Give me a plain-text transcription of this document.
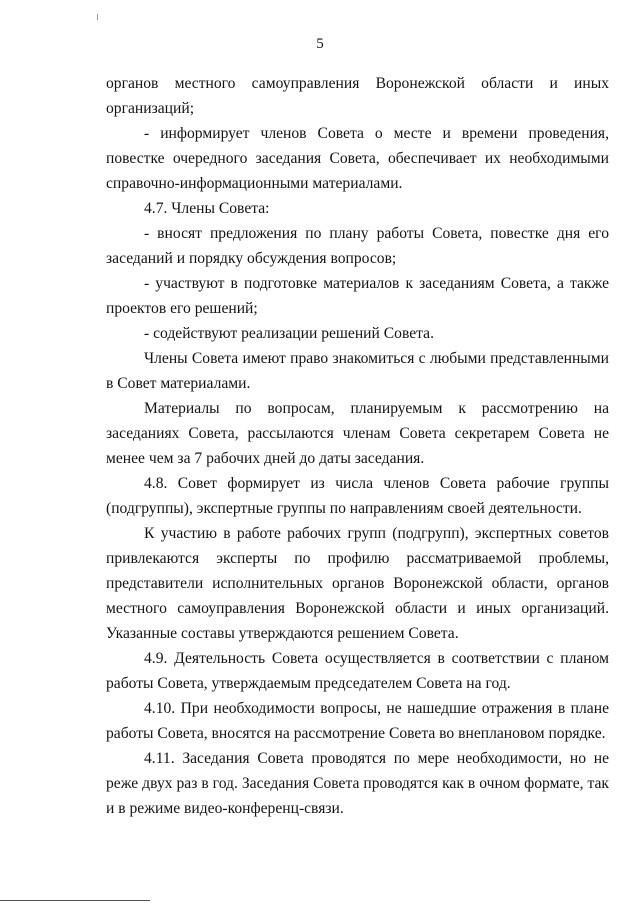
5

органов местного самоуправления Воронежской области и иных организаций;

- информирует членов Совета о месте и времени проведения, повестке очередного заседания Совета, обеспечивает их необходимыми справочно-информационными материалами.

4.7. Члены Совета:

- вносят предложения по плану работы Совета, повестке дня его заседаний и порядку обсуждения вопросов;

- участвуют в подготовке материалов к заседаниям Совета, а также проектов его решений;

- содействуют реализации решений Совета.

Члены Совета имеют право знакомиться с любыми представленными в Совет материалами.

Материалы по вопросам, планируемым к рассмотрению на заседаниях Совета, рассылаются членам Совета секретарем Совета не менее чем за 7 рабочих дней до даты заседания.

4.8. Совет формирует из числа членов Совета рабочие группы (подгруппы), экспертные группы по направлениям своей деятельности.

К участию в работе рабочих групп (подгрупп), экспертных советов привлекаются эксперты по профилю рассматриваемой проблемы, представители исполнительных органов Воронежской области, органов местного самоуправления Воронежской области и иных организаций. Указанные составы утверждаются решением Совета.

4.9. Деятельность Совета осуществляется в соответствии с планом работы Совета, утверждаемым председателем Совета на год.

4.10. При необходимости вопросы, не нашедшие отражения в плане работы Совета, вносятся на рассмотрение Совета во внеплановом порядке.

4.11. Заседания Совета проводятся по мере необходимости, но не реже двух раз в год. Заседания Совета проводятся как в очном формате, так и в режиме видео-конференц-связи.
